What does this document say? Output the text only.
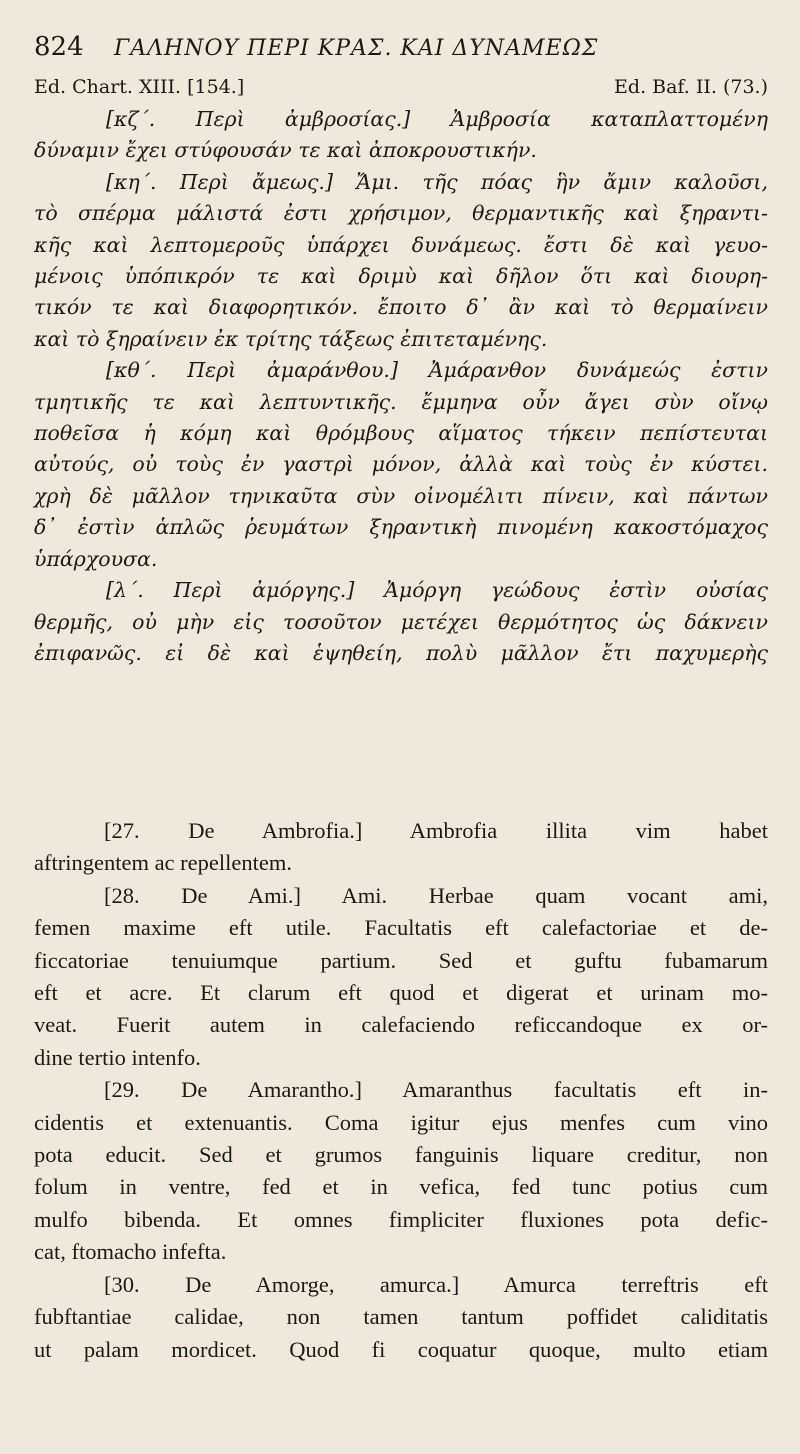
824	ΓΑΛΗΝΟΥ ΠΕΡΙ ΚΡΑΣ. ΚΑΙ ΔΥΝΑΜΕΩΣ
Ed. Chart. XIII. [154.]	Ed. Baf. II. (73.)
[κζ΄. Περὶ ἀμβροσίας.] Ἀμβροσία καταπλαττομένη
δύναμιν ἔχει στύφουσάν τε καὶ ἀποκρουστικήν.
[κη΄. Περὶ ἄμεως.] Ἄμι. τῆς πόας ἣν ἄμιν καλοῦσι,
τὸ σπέρμα μάλιστά ἐστι χρήσιμον, θερμαντικῆς καὶ ξηραντι-
κῆς καὶ λεπτομεροῦς ὑπάρχει δυνάμεως. ἔστι δὲ καὶ γευο-
μένοις ὑπόπικρόν τε καὶ δριμὺ καὶ δῆλον ὅτι καὶ διουρη-
τικόν τε καὶ διαφορητικόν. ἔποιτο δ᾽ ἂν καὶ τὸ θερμαίνειν
καὶ τὸ ξηραίνειν ἐκ τρίτης τάξεως ἐπιτεταμένης.
[κθ΄. Περὶ ἀμαράνθου.] Ἀμάρανθον δυνάμεώς ἐστιν
τμητικῆς τε καὶ λεπτυντικῆς. ἔμμηνα οὖν ἄγει σὺν οἴνῳ
ποθεῖσα ἡ κόμη καὶ θρόμβους αἵματος τήκειν πεπίστευται
αὐτούς, οὐ τοὺς ἐν γαστρὶ μόνον, ἀλλὰ καὶ τοὺς ἐν κύστει.
χρὴ δὲ μᾶλλον τηνικαῦτα σὺν οἰνομέλιτι πίνειν, καὶ πάντων
δ᾽ ἐστὶν ἁπλῶς ῥευμάτων ξηραντικὴ πινομένη κακοστόμαχος
ὑπάρχουσα.
[λ΄. Περὶ ἀμόργης.] Ἀμόργη γεώδους ἐστὶν οὐσίας
θερμῆς, οὐ μὴν εἰς τοσοῦτον μετέχει θερμότητος ὡς δάκνειν
ἐπιφανῶς. εἰ δὲ καὶ ἑψηθείη, πολὺ μᾶλλον ἔτι παχυμερὴς
[27. De Ambrofia.] Ambrofia illita vim habet
aftringentem ac repellentem.
[28. De Ami.] Ami. Herbae quam vocant ami,
femen maxime eft utile. Facultatis eft calefactoriae et de-
ficcatoriae tenuiumque partium. Sed et guftu fubamarum
eft et acre. Et clarum eft quod et digerat et urinam mo-
veat. Fuerit autem in calefaciendo reficcandoque ex or-
dine tertio intenfo.
[29. De Amarantho.] Amaranthus facultatis eft in-
cidentis et extenuantis. Coma igitur ejus menfes cum vino
pota educit. Sed et grumos fanguinis liquare creditur, non
folum in ventre, fed et in vefica, fed tunc potius cum
mulfo bibenda. Et omnes fimpliciter fluxiones pota defic-
cat, ftomacho infefta.
[30. De Amorge, amurca.] Amurca terreftris eft
fubftantiae calidae, non tamen tantum poffidet caliditatis
ut palam mordicet. Quod fi coquatur quoque, multo etiam
